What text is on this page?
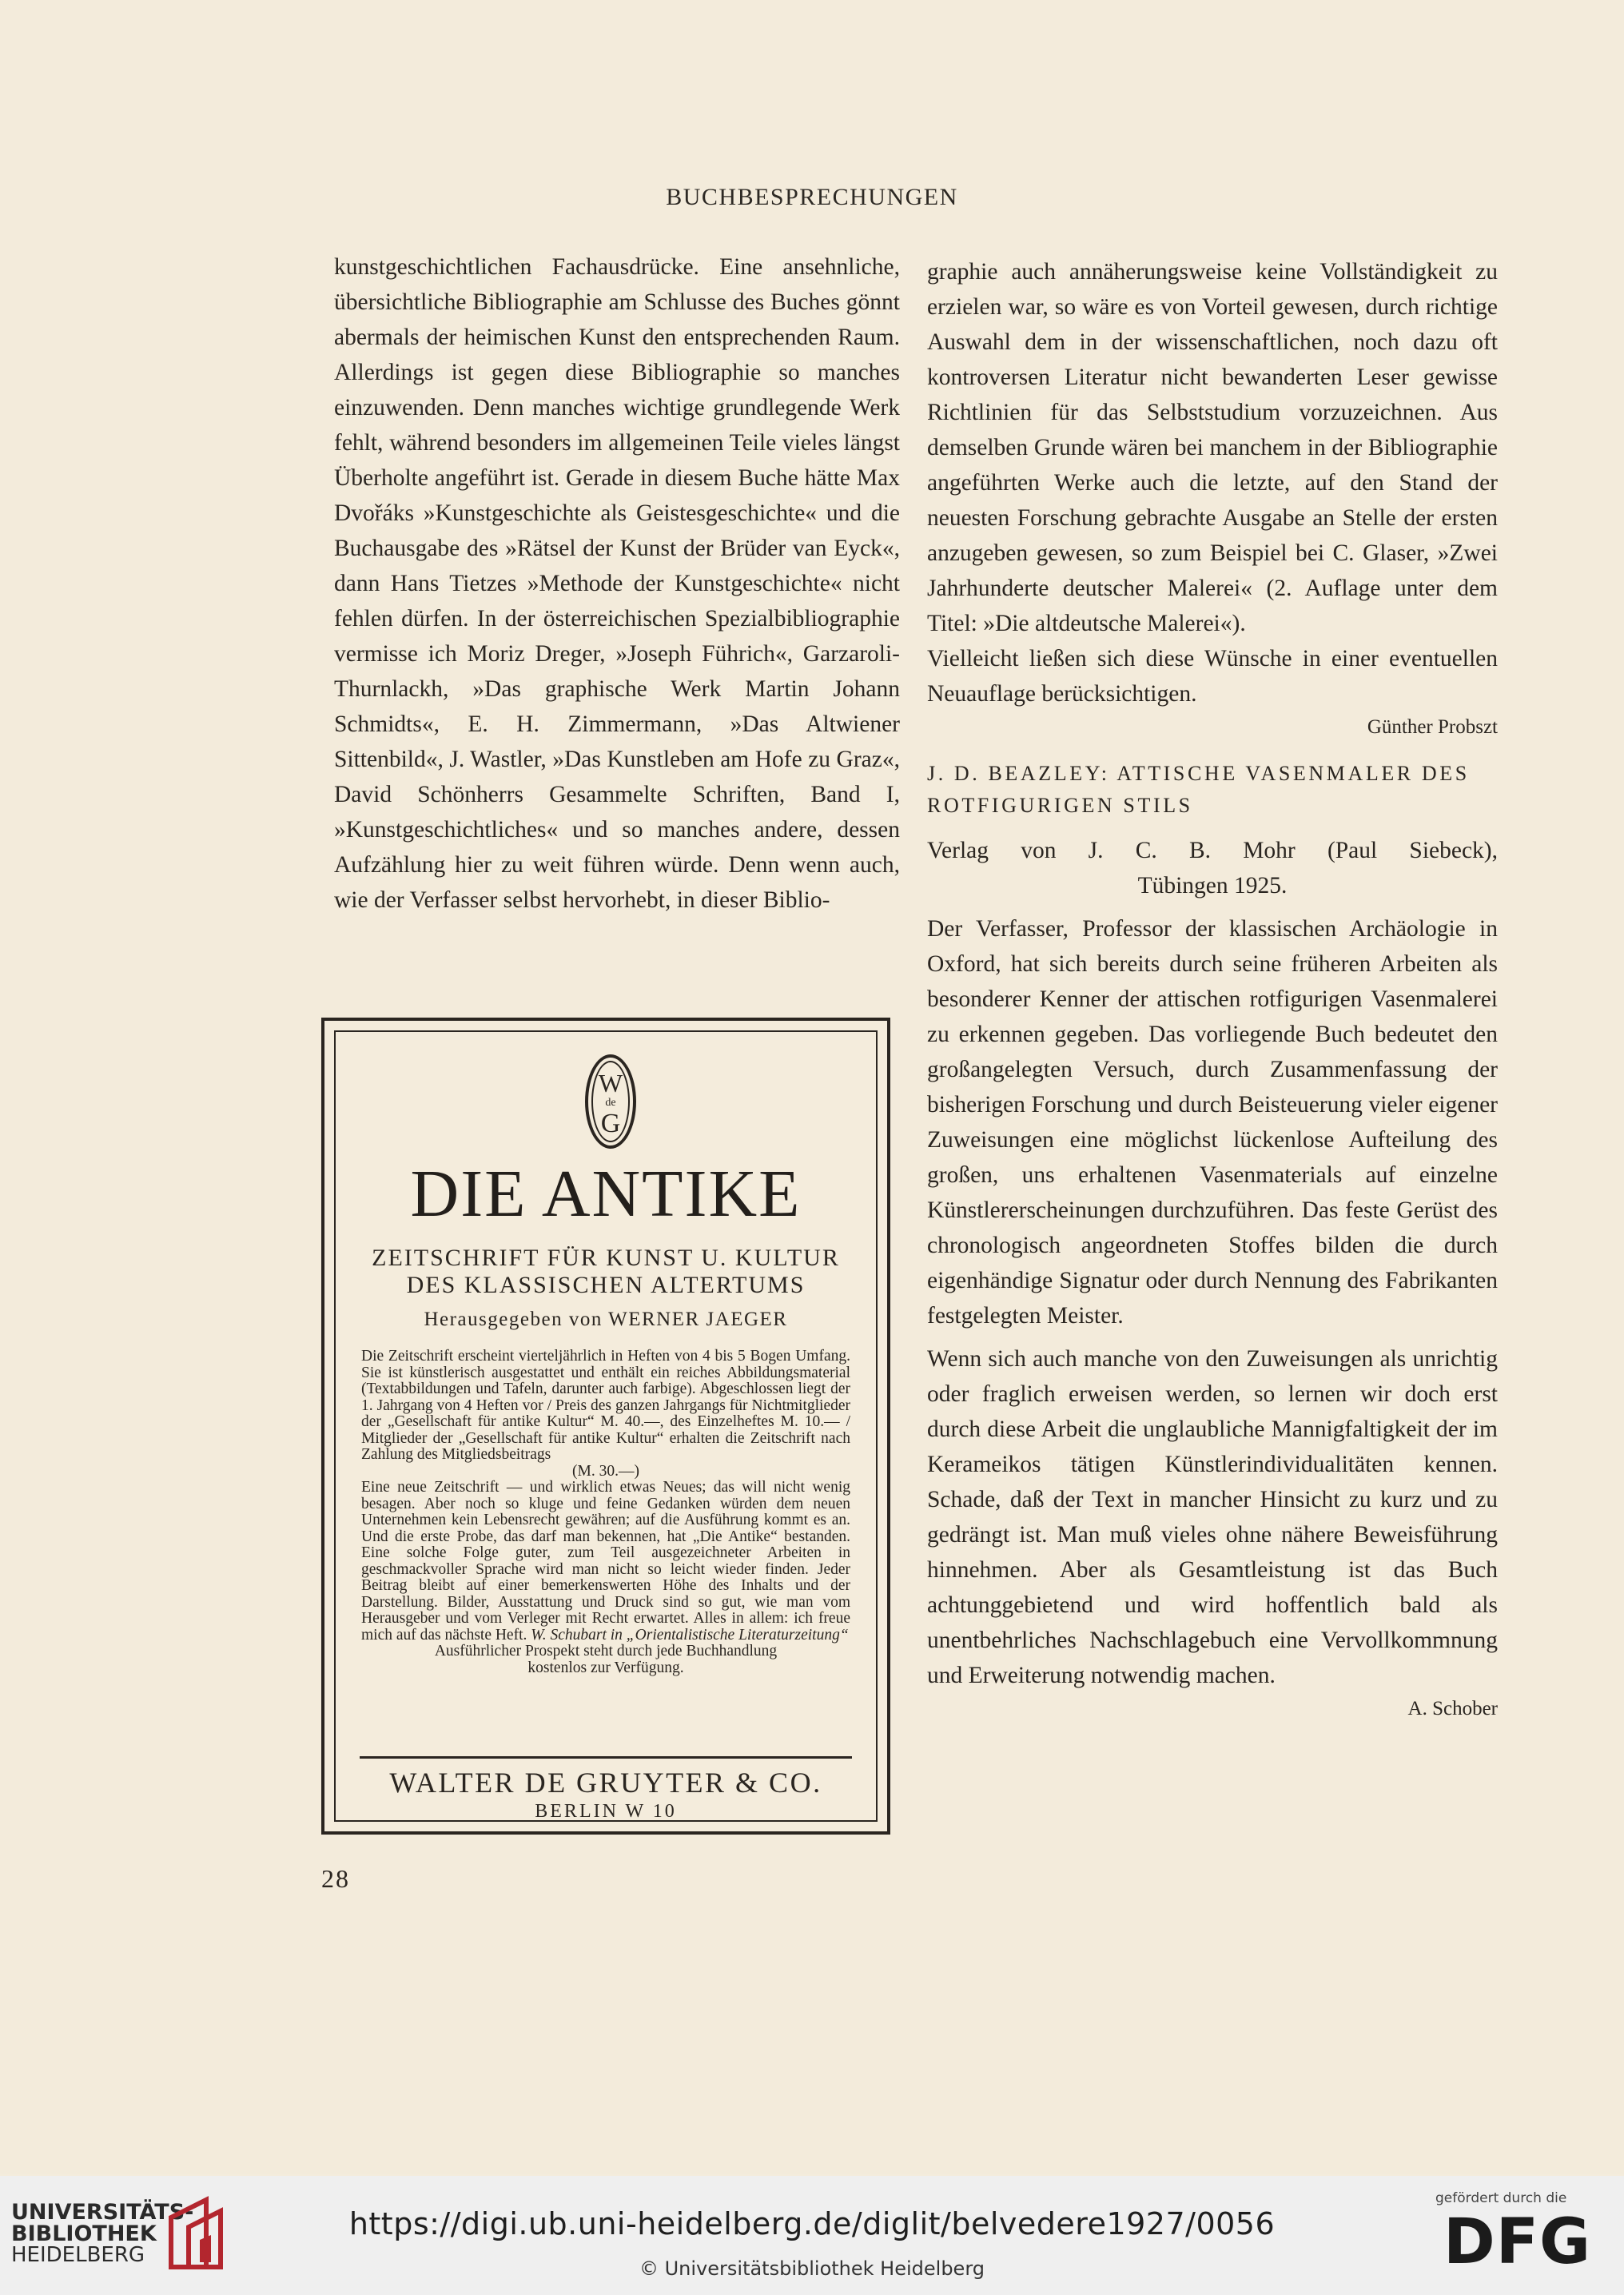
BUCHBESPRECHUNGEN

kunstgeschichtlichen Fachausdrücke. Eine ansehnliche, übersichtliche Bibliographie am Schlusse des Buches gönnt abermals der heimischen Kunst den entsprechenden Raum. Allerdings ist gegen diese Bibliographie so manches einzuwenden. Denn manches wichtige grundlegende Werk fehlt, während besonders im allgemeinen Teile vieles längst Überholte angeführt ist. Gerade in diesem Buche hätte Max Dvořáks »Kunstgeschichte als Geistesgeschichte« und die Buchausgabe des »Rätsel der Kunst der Brüder van Eyck«, dann Hans Tietzes »Methode der Kunstgeschichte« nicht fehlen dürfen. In der österreichischen Spezialbibliographie vermisse ich Moriz Dreger, »Joseph Führich«, Garzaroli-Thurnlackh, »Das graphische Werk Martin Johann Schmidts«, E. H. Zimmermann, »Das Altwiener Sittenbild«, J. Wastler, »Das Kunstleben am Hofe zu Graz«, David Schönherrs Gesammelte Schriften, Band I, »Kunstgeschichtliches« und so manches andere, dessen Aufzählung hier zu weit führen würde. Denn wenn auch, wie der Verfasser selbst hervorhebt, in dieser Biblio-

graphie auch annäherungsweise keine Vollständigkeit zu erzielen war, so wäre es von Vorteil gewesen, durch richtige Auswahl dem in der wissenschaftlichen, noch dazu oft kontroversen Literatur nicht bewanderten Leser gewisse Richtlinien für das Selbststudium vorzuzeichnen. Aus demselben Grunde wären bei manchem in der Bibliographie angeführten Werke auch die letzte, auf den Stand der neuesten Forschung gebrachte Ausgabe an Stelle der ersten anzugeben gewesen, so zum Beispiel bei C. Glaser, »Zwei Jahrhunderte deutscher Malerei« (2. Auflage unter dem Titel: »Die altdeutsche Malerei«).

Vielleicht ließen sich diese Wünsche in einer eventuellen Neuauflage berücksichtigen.

Günther Probszt

J. D. BEAZLEY: ATTISCHE VASENMALER DES ROTFIGURIGEN STILS

Verlag von J. C. B. Mohr (Paul Siebeck),
Tübingen 1925.

Der Verfasser, Professor der klassischen Archäologie in Oxford, hat sich bereits durch seine früheren Arbeiten als besonderer Kenner der attischen rotfigurigen Vasenmalerei zu erkennen gegeben. Das vorliegende Buch bedeutet den großangelegten Versuch, durch Zusammenfassung der bisherigen Forschung und durch Beisteuerung vieler eigener Zuweisungen eine möglichst lückenlose Aufteilung des großen, uns erhaltenen Vasenmaterials auf einzelne Künstlererscheinungen durchzuführen. Das feste Gerüst des chronologisch angeordneten Stoffes bilden die durch eigenhändige Signatur oder durch Nennung des Fabrikanten festgelegten Meister.

Wenn sich auch manche von den Zuweisungen als unrichtig oder fraglich erweisen werden, so lernen wir doch erst durch diese Arbeit die unglaubliche Mannigfaltigkeit der im Kerameikos tätigen Künstlerindividualitäten kennen. Schade, daß der Text in mancher Hinsicht zu kurz und zu gedrängt ist. Man muß vieles ohne nähere Beweisführung hinnehmen. Aber als Gesamtleistung ist das Buch achtunggebietend und wird hoffentlich bald als unentbehrliches Nachschlagebuch eine Vervollkommnung und Erweiterung notwendig machen.

A. Schober

W
de
G
DIE ANTIKE
ZEITSCHRIFT FÜR KUNST U. KULTUR
DES KLASSISCHEN ALTERTUMS
Herausgegeben von WERNER JAEGER

Die Zeitschrift erscheint vierteljährlich in Heften von 4 bis 5 Bogen Umfang. Sie ist künstlerisch ausgestattet und enthält ein reiches Abbildungsmaterial (Textabbildungen und Tafeln, darunter auch farbige). Abgeschlossen liegt der 1. Jahrgang von 4 Heften vor / Preis des ganzen Jahrgangs für Nichtmitglieder der „Gesellschaft für antike Kultur“ M. 40.—, des Einzelheftes M. 10.— / Mitglieder der „Gesellschaft für antike Kultur“ erhalten die Zeitschrift nach Zahlung des Mitgliedsbeitrags

(M. 30.—)

Eine neue Zeitschrift — und wirklich etwas Neues; das will nicht wenig besagen. Aber noch so kluge und feine Gedanken würden dem neuen Unternehmen kein Lebensrecht gewähren; auf die Ausführung kommt es an. Und die erste Probe, das darf man bekennen, hat „Die Antike“ bestanden. Eine solche Folge guter, zum Teil ausgezeichneter Arbeiten in geschmackvoller Sprache wird man nicht so leicht wieder finden. Jeder Beitrag bleibt auf einer bemerkenswerten Höhe des Inhalts und der Darstellung. Bilder, Ausstattung und Druck sind so gut, wie man vom Herausgeber und vom Verleger mit Recht erwartet. Alles in allem: ich freue mich auf das nächste Heft. W. Schubart in „Orientalistische Literaturzeitung“

Ausführlicher Prospekt steht durch jede Buchhandlung

kostenlos zur Verfügung.

WALTER DE GRUYTER & CO.
BERLIN W 10
28
UNIVERSITÄTS-
BIBLIOTHEK
HEIDELBERG
https://digi.ub.uni-heidelberg.de/diglit/belvedere1927/0056
© Universitätsbibliothek Heidelberg
gefördert durch die
DFG
